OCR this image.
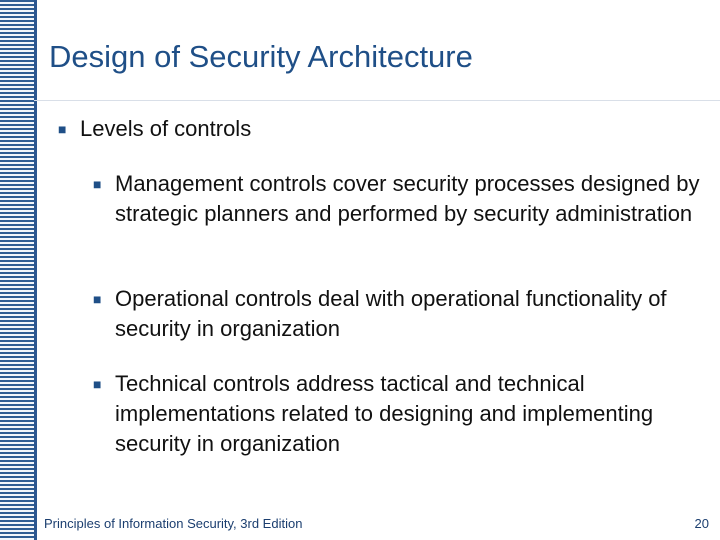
Design of Security Architecture
■ Levels of controls
■ Management controls cover security processes designed by strategic planners and performed by security administration
■ Operational controls deal with operational functionality of security in organization
■ Technical controls address tactical and technical implementations related to designing and implementing security in organization
Principles of Information Security, 3rd Edition	20
